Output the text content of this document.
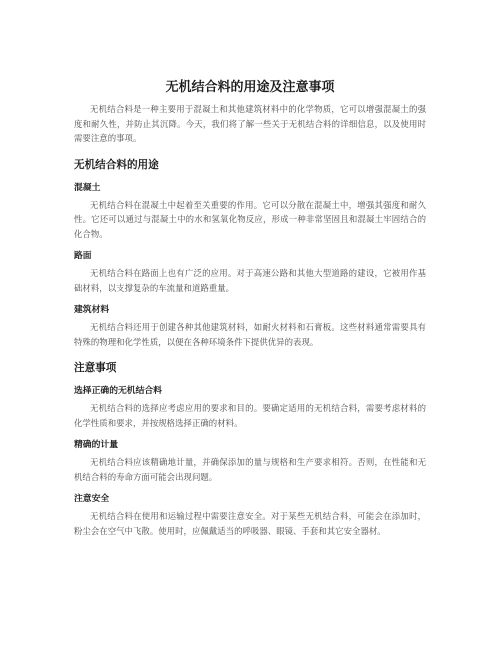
无机结合料的用途及注意事项

无机结合料是一种主要用于混凝土和其他建筑材料中的化学物质，它可以增强混凝土的强度和耐久性，并防止其沉降。今天，我们将了解一些关于无机结合料的详细信息，以及使用时需要注意的事项。

无机结合料的用途
混凝土

无机结合料在混凝土中起着至关重要的作用。它可以分散在混凝土中，增强其强度和耐久性。它还可以通过与混凝土中的水和氢氧化物反应，形成一种非常坚固且和混凝土牢固结合的化合物。

路面

无机结合料在路面上也有广泛的应用。对于高速公路和其他大型道路的建设，它被用作基础材料，以支撑复杂的车流量和道路重量。

建筑材料

无机结合料还用于创建各种其他建筑材料，如耐火材料和石膏板。这些材料通常需要具有特殊的物理和化学性质，以便在各种环境条件下提供优异的表现。

注意事项
选择正确的无机结合料

无机结合料的选择应考虑应用的要求和目的。要确定适用的无机结合料，需要考虑材料的化学性质和要求，并按规格选择正确的材料。

精确的计量

无机结合料应该精确地计量，并确保添加的量与规格和生产要求相符。否则，在性能和无机结合料的寿命方面可能会出现问题。

注意安全

无机结合料在使用和运输过程中需要注意安全。对于某些无机结合料，可能会在添加时，粉尘会在空气中飞散。使用时，应佩戴适当的呼吸器、眼镜、手套和其它安全器材。
